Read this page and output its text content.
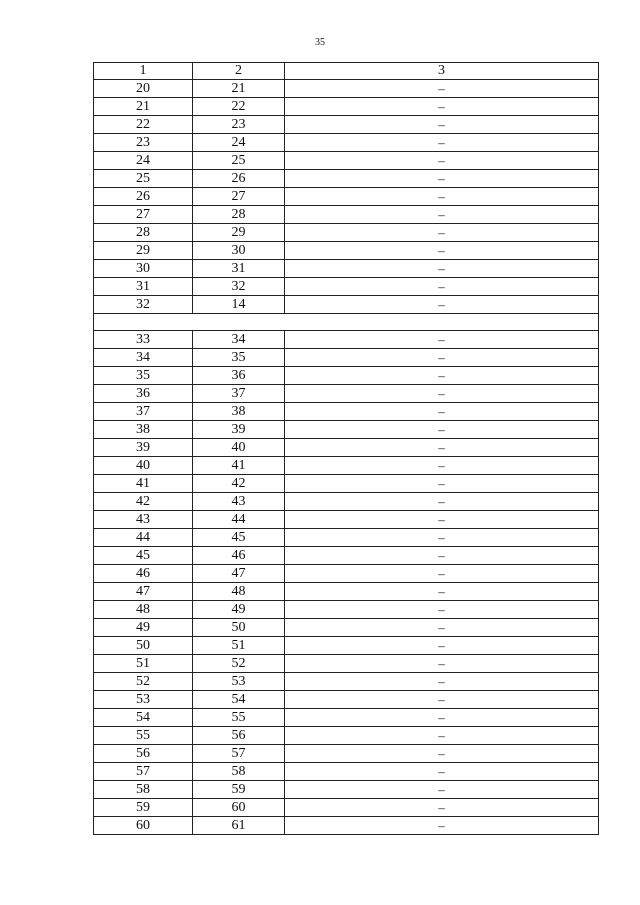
35
1	2	3
20	21	–
21	22	–
22	23	–
23	24	–
24	25	–
25	26	–
26	27	–
27	28	–
28	29	–
29	30	–
30	31	–
31	32	–
32	14	–

33	34	–
34	35	–
35	36	–
36	37	–
37	38	–
38	39	–
39	40	–
40	41	–
41	42	–
42	43	–
43	44	–
44	45	–
45	46	–
46	47	–
47	48	–
48	49	–
49	50	–
50	51	–
51	52	–
52	53	–
53	54	–
54	55	–
55	56	–
56	57	–
57	58	–
58	59	–
59	60	–
60	61	–
